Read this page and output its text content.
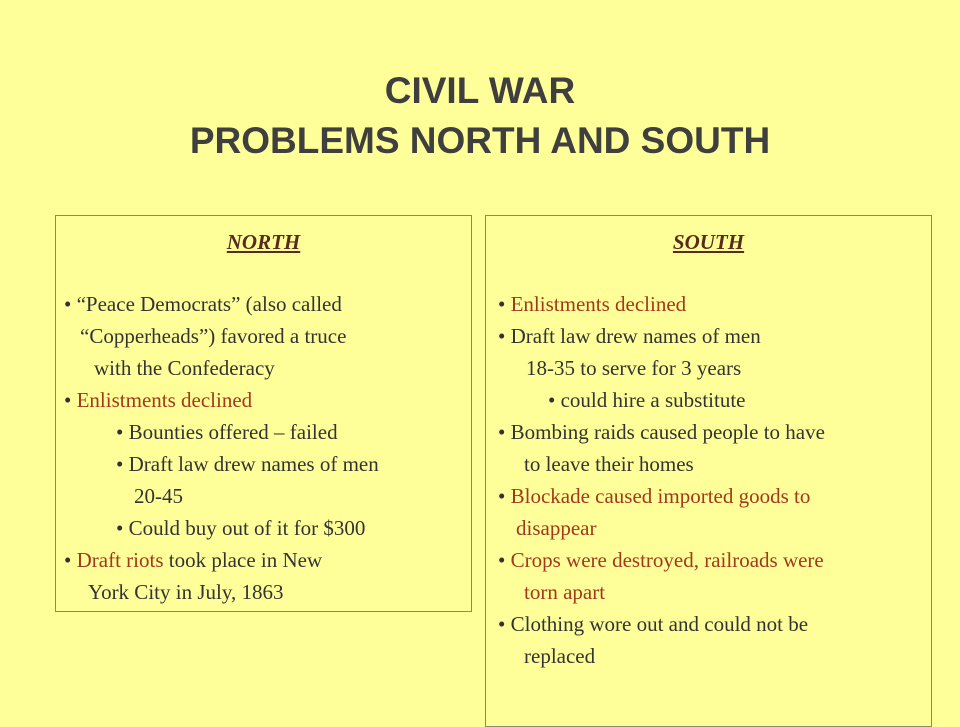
CIVIL WAR
PROBLEMS NORTH AND SOUTH
NORTH
• “Peace Democrats” (also called
“Copperheads”) favored a truce
with the Confederacy
• Enlistments declined
• Bounties offered – failed
• Draft law drew names of men
20-45
• Could buy out of it for $300
• Draft riots took place in New
York City in July, 1863
SOUTH
• Enlistments declined
• Draft law drew names of men
18-35 to serve for 3 years
• could hire a substitute
• Bombing raids caused people to have
to leave their homes
• Blockade caused imported goods to
disappear
• Crops were destroyed, railroads were
torn apart
• Clothing wore out and could not be
replaced
